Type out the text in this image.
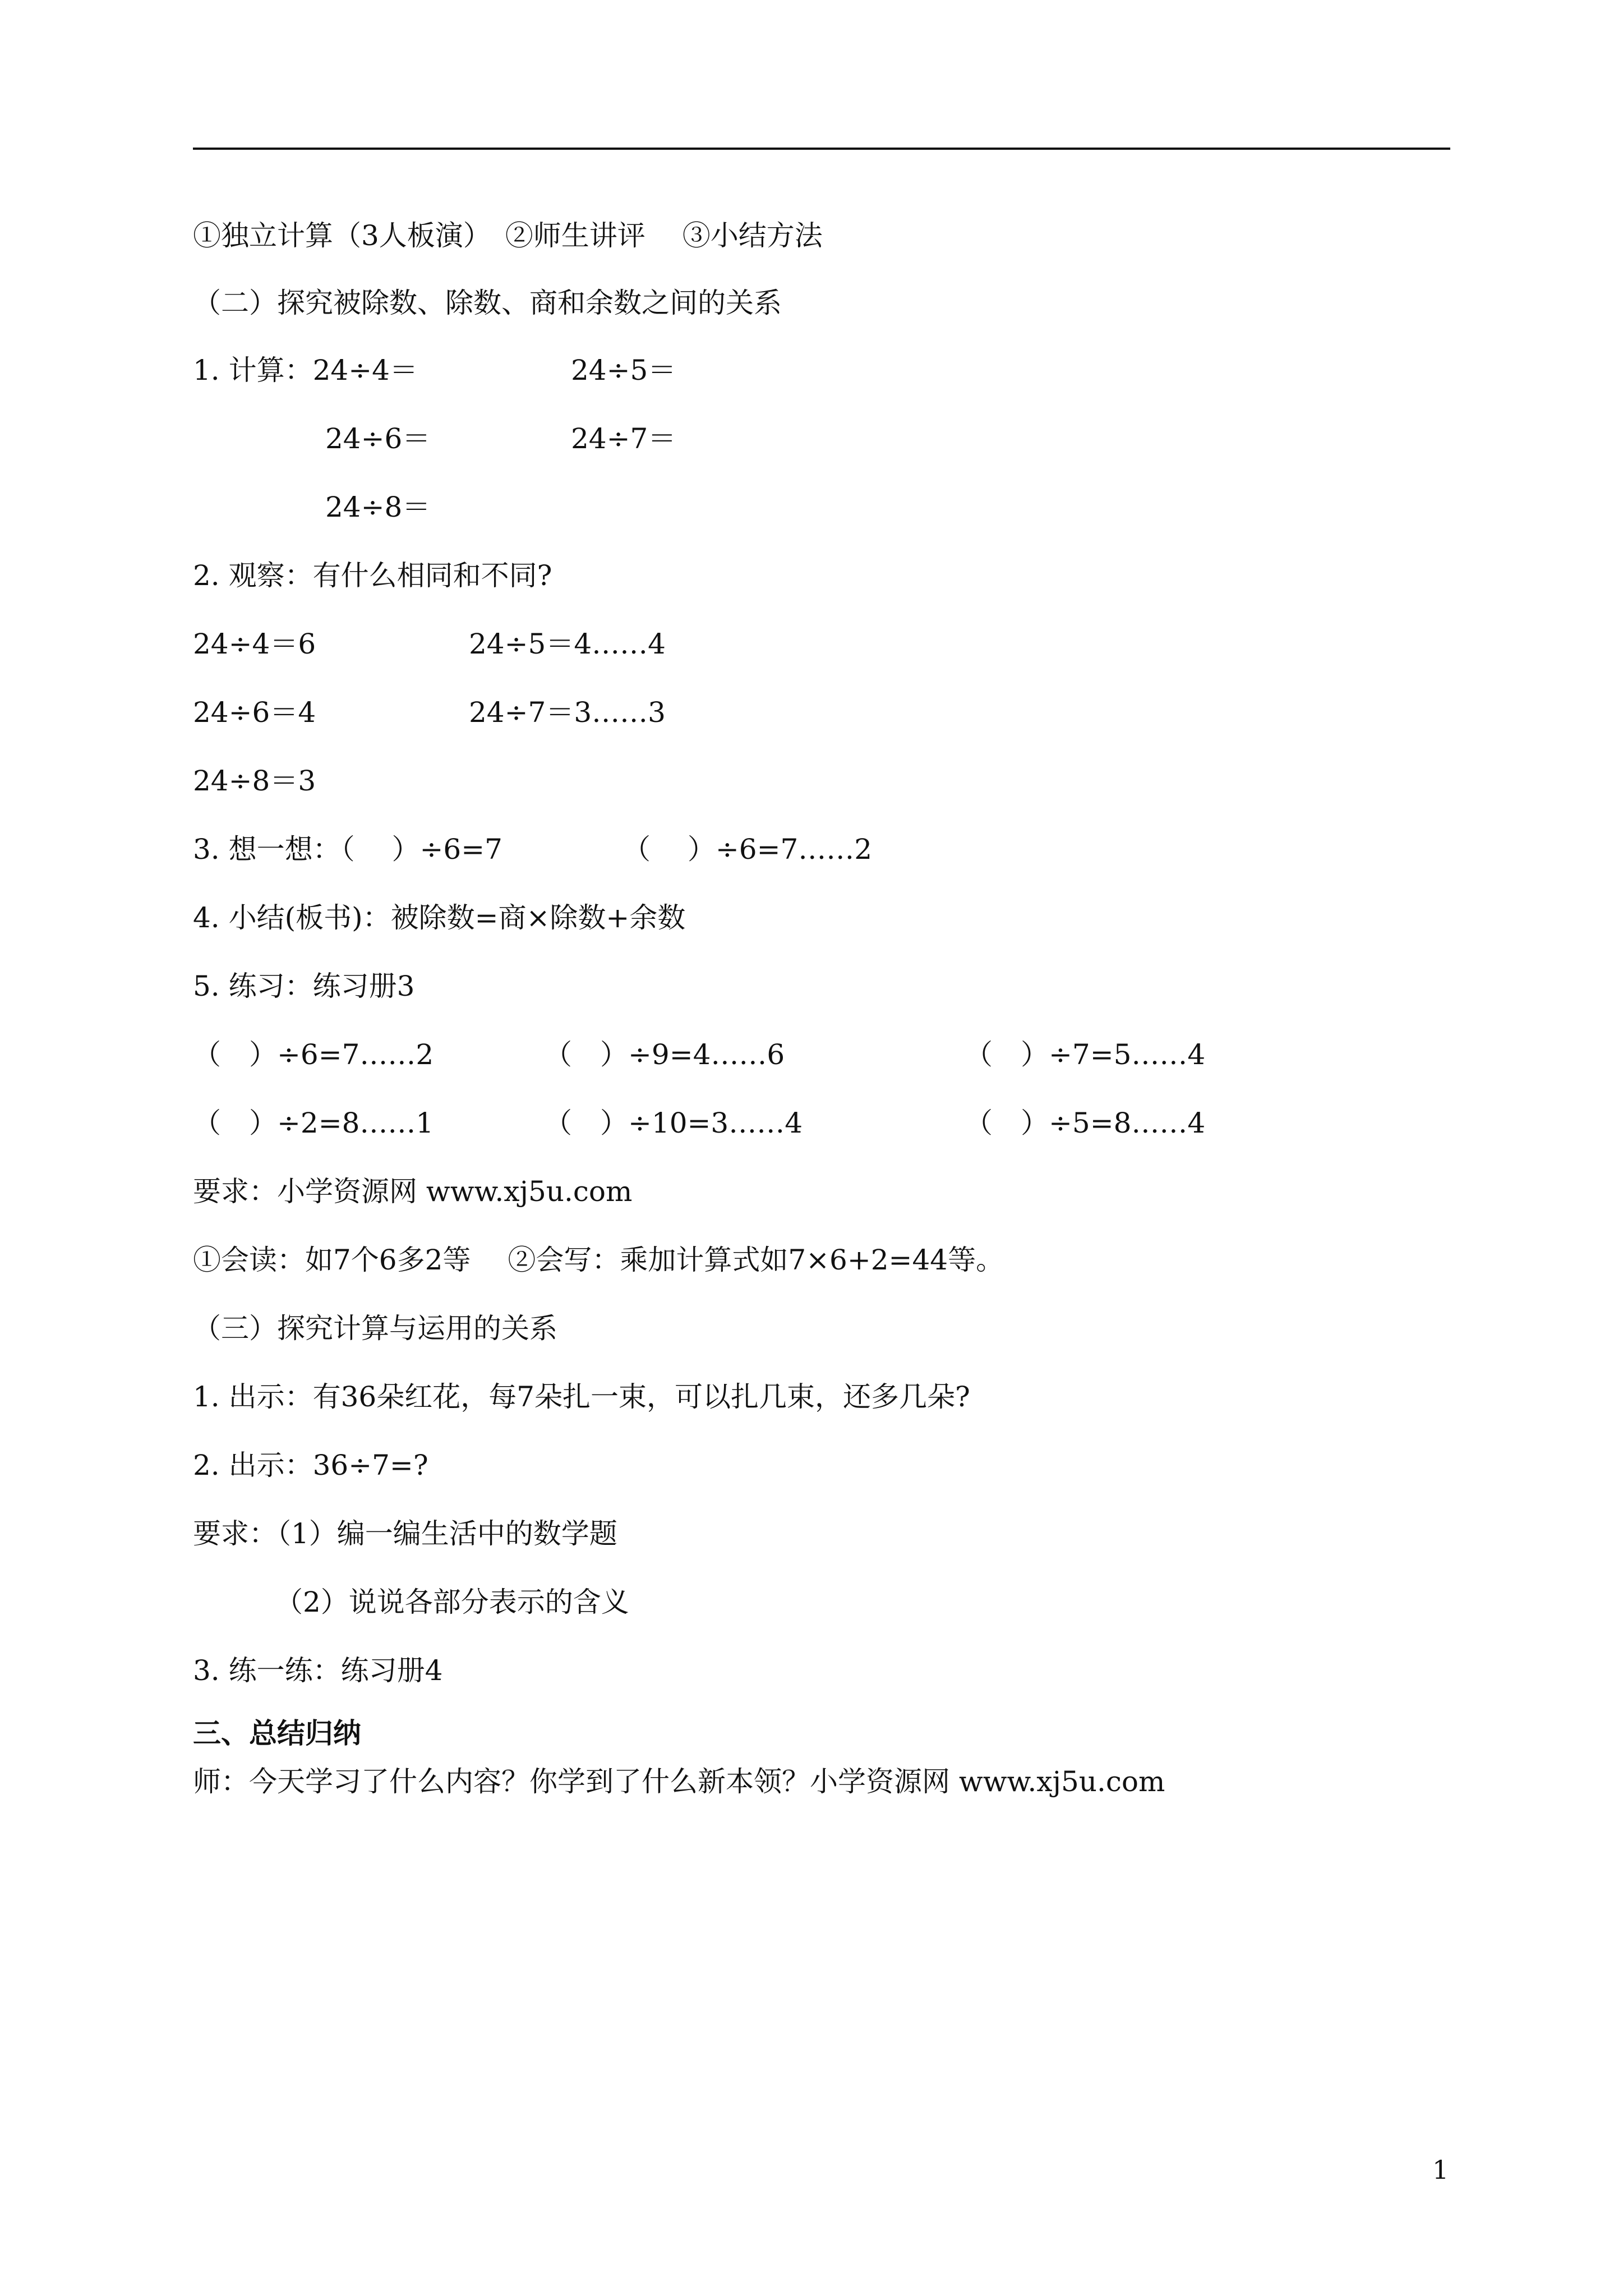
①独立计算（3人板演）　②师生讲评　 ③小结方法
（二）探究被除数、除数、商和余数之间的关系
1. 计算：24÷4＝	24÷5＝
24÷6＝	24÷7＝
24÷8＝
2. 观察：有什么相同和不同?
24÷4＝6	24÷5＝4……4
24÷6＝4	24÷7＝3……3
24÷8＝3
3. 想一想：（　 ）÷6=7	（　 ）÷6=7……2
4. 小结(板书)：被除数=商×除数+余数
5. 练习：练习册3
（　）÷6=7……2	（　）÷9=4……6	（　）÷7=5……4
（　）÷2=8……1	（　）÷10=3……4	（　）÷5=8……4
要求：小学资源网 www.xj5u.com
①会读：如7个6多2等　 ②会写：乘加计算式如7×6+2=44等。
（三）探究计算与运用的关系
1. 出示：有36朵红花，每7朵扎一束，可以扎几束，还多几朵?
2. 出示：36÷7=?
要求：（1）编一编生活中的数学题
（2）说说各部分表示的含义
3. 练一练：练习册4
三、总结归纳
师：今天学习了什么内容？你学到了什么新本领？小学资源网 www.xj5u.com
1
